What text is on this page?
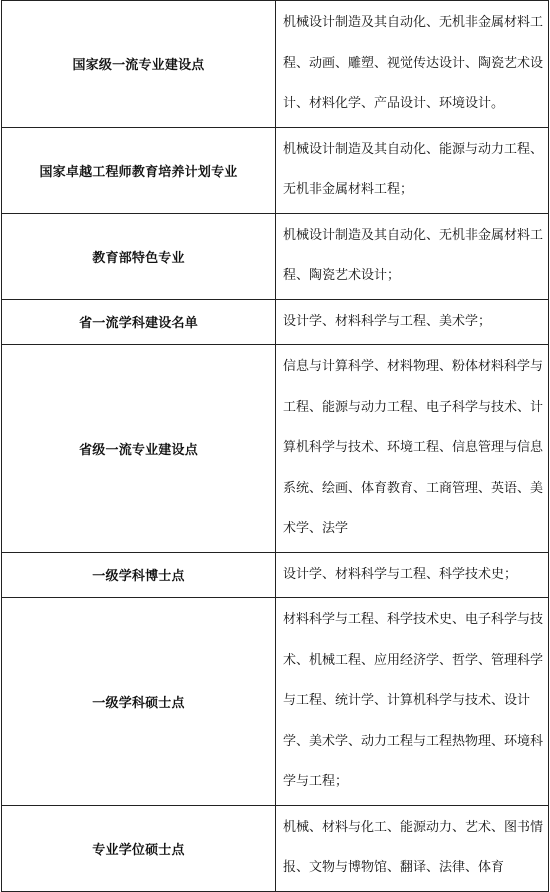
国家级一流专业建设点	机械设计制造及其自动化、无机非金属材料工程、动画、雕塑、视觉传达设计、陶瓷艺术设计、材料化学、产品设计、环境设计。

国家卓越工程师教育培养计划专业	机械设计制造及其自动化、能源与动力工程、无机非金属材料工程；

教育部特色专业	机械设计制造及其自动化、无机非金属材料工程、陶瓷艺术设计；

省一流学科建设名单	设计学、材料科学与工程、美术学；

省级一流专业建设点	信息与计算科学、材料物理、粉体材料科学与工程、能源与动力工程、电子科学与技术、计算机科学与技术、环境工程、信息管理与信息系统、绘画、体育教育、工商管理、英语、美术学、法学

一级学科博士点	设计学、材料科学与工程、科学技术史；

一级学科硕士点	材料科学与工程、科学技术史、电子科学与技术、机械工程、应用经济学、哲学、管理科学与工程、统计学、计算机科学与技术、设计学、美术学、动力工程与工程热物理、环境科学与工程；

专业学位硕士点	机械、材料与化工、能源动力、艺术、图书情报、文物与博物馆、翻译、法律、体育
